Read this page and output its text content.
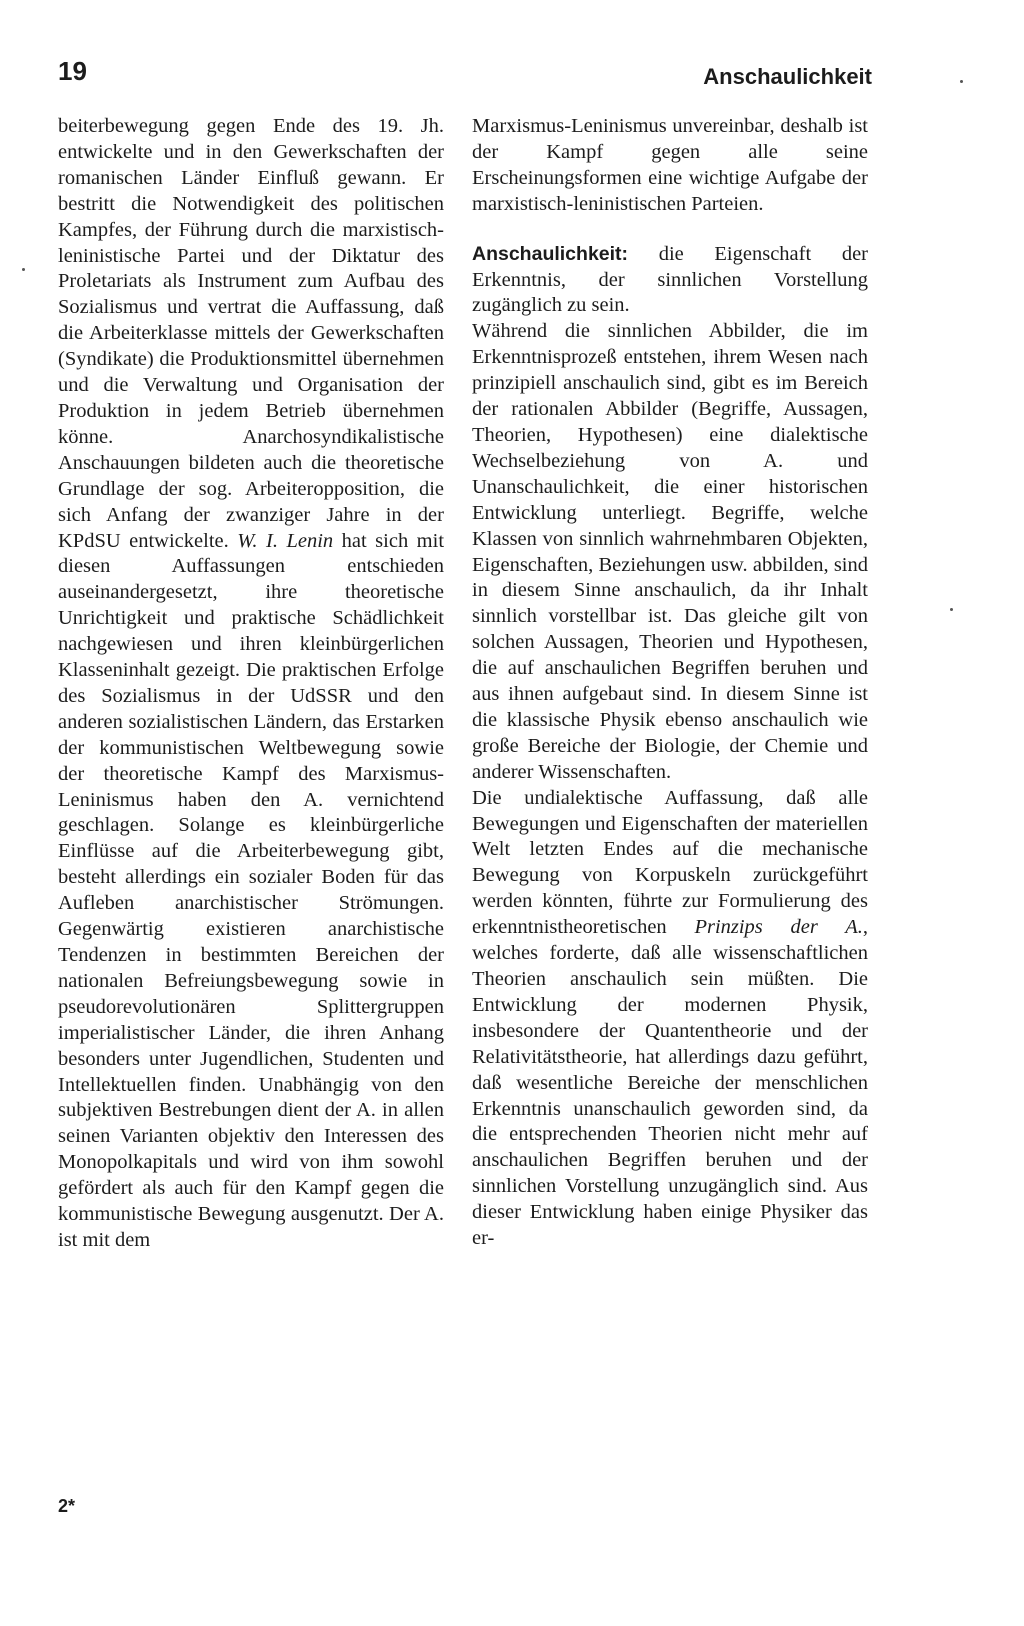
19	Anschaulichkeit

beiterbewegung gegen Ende des 19. Jh. entwickelte und in den Gewerkschaften der romanischen Länder Einfluß gewann. Er bestritt die Notwendigkeit des politischen Kampfes, der Führung durch die marxistisch-leninistische Partei und der Diktatur des Proletariats als Instrument zum Aufbau des Sozialismus und vertrat die Auffassung, daß die Arbeiterklasse mittels der Gewerkschaften (Syndikate) die Produktionsmittel übernehmen und die Verwaltung und Organisation der Produktion in jedem Betrieb übernehmen könne. Anarchosyndikalistische Anschauungen bildeten auch die theoretische Grundlage der sog. Arbeiteropposition, die sich Anfang der zwanziger Jahre in der KPdSU entwickelte. W. I. Lenin hat sich mit diesen Auffassungen entschieden auseinandergesetzt, ihre theoretische Unrichtigkeit und praktische Schädlichkeit nachgewiesen und ihren kleinbürgerlichen Klasseninhalt gezeigt. Die praktischen Erfolge des Sozialismus in der UdSSR und den anderen sozialistischen Ländern, das Erstarken der kommunistischen Weltbewegung sowie der theoretische Kampf des Marxismus-Leninismus haben den A. vernichtend geschlagen. Solange es kleinbürgerliche Einflüsse auf die Arbeiterbewegung gibt, besteht allerdings ein sozialer Boden für das Aufleben anarchistischer Strömungen. Gegenwärtig existieren anarchistische Tendenzen in bestimmten Bereichen der nationalen Befreiungsbewegung sowie in pseudorevolutionären Splittergruppen imperialistischer Länder, die ihren Anhang besonders unter Jugendlichen, Studenten und Intellektuellen finden. Unabhängig von den subjektiven Bestrebungen dient der A. in allen seinen Varianten objektiv den Interessen des Monopolkapitals und wird von ihm sowohl gefördert als auch für den Kampf gegen die kommunistische Bewegung ausgenutzt. Der A. ist mit dem

Marxismus-Leninismus unvereinbar, deshalb ist der Kampf gegen alle seine Erscheinungsformen eine wichtige Aufgabe der marxistisch-leninistischen Parteien.

Anschaulichkeit: die Eigenschaft der Erkenntnis, der sinnlichen Vorstellung zugänglich zu sein.

Während die sinnlichen Abbilder, die im Erkenntnisprozeß entstehen, ihrem Wesen nach prinzipiell anschaulich sind, gibt es im Bereich der rationalen Abbilder (Begriffe, Aussagen, Theorien, Hypothesen) eine dialektische Wechselbeziehung von A. und Unanschaulichkeit, die einer historischen Entwicklung unterliegt. Begriffe, welche Klassen von sinnlich wahrnehmbaren Objekten, Eigenschaften, Beziehungen usw. abbilden, sind in diesem Sinne anschaulich, da ihr Inhalt sinnlich vorstellbar ist. Das gleiche gilt von solchen Aussagen, Theorien und Hypothesen, die auf anschaulichen Begriffen beruhen und aus ihnen aufgebaut sind. In diesem Sinne ist die klassische Physik ebenso anschaulich wie große Bereiche der Biologie, der Chemie und anderer Wissenschaften.

Die undialektische Auffassung, daß alle Bewegungen und Eigenschaften der materiellen Welt letzten Endes auf die mechanische Bewegung von Korpuskeln zurückgeführt werden könnten, führte zur Formulierung des erkenntnistheoretischen Prinzips der A., welches forderte, daß alle wissenschaftlichen Theorien anschaulich sein müßten. Die Entwicklung der modernen Physik, insbesondere der Quantentheorie und der Relativitätstheorie, hat allerdings dazu geführt, daß wesentliche Bereiche der menschlichen Erkenntnis unanschaulich geworden sind, da die entsprechenden Theorien nicht mehr auf anschaulichen Begriffen beruhen und der sinnlichen Vorstellung unzugänglich sind. Aus dieser Entwicklung haben einige Physiker das er-

2*
